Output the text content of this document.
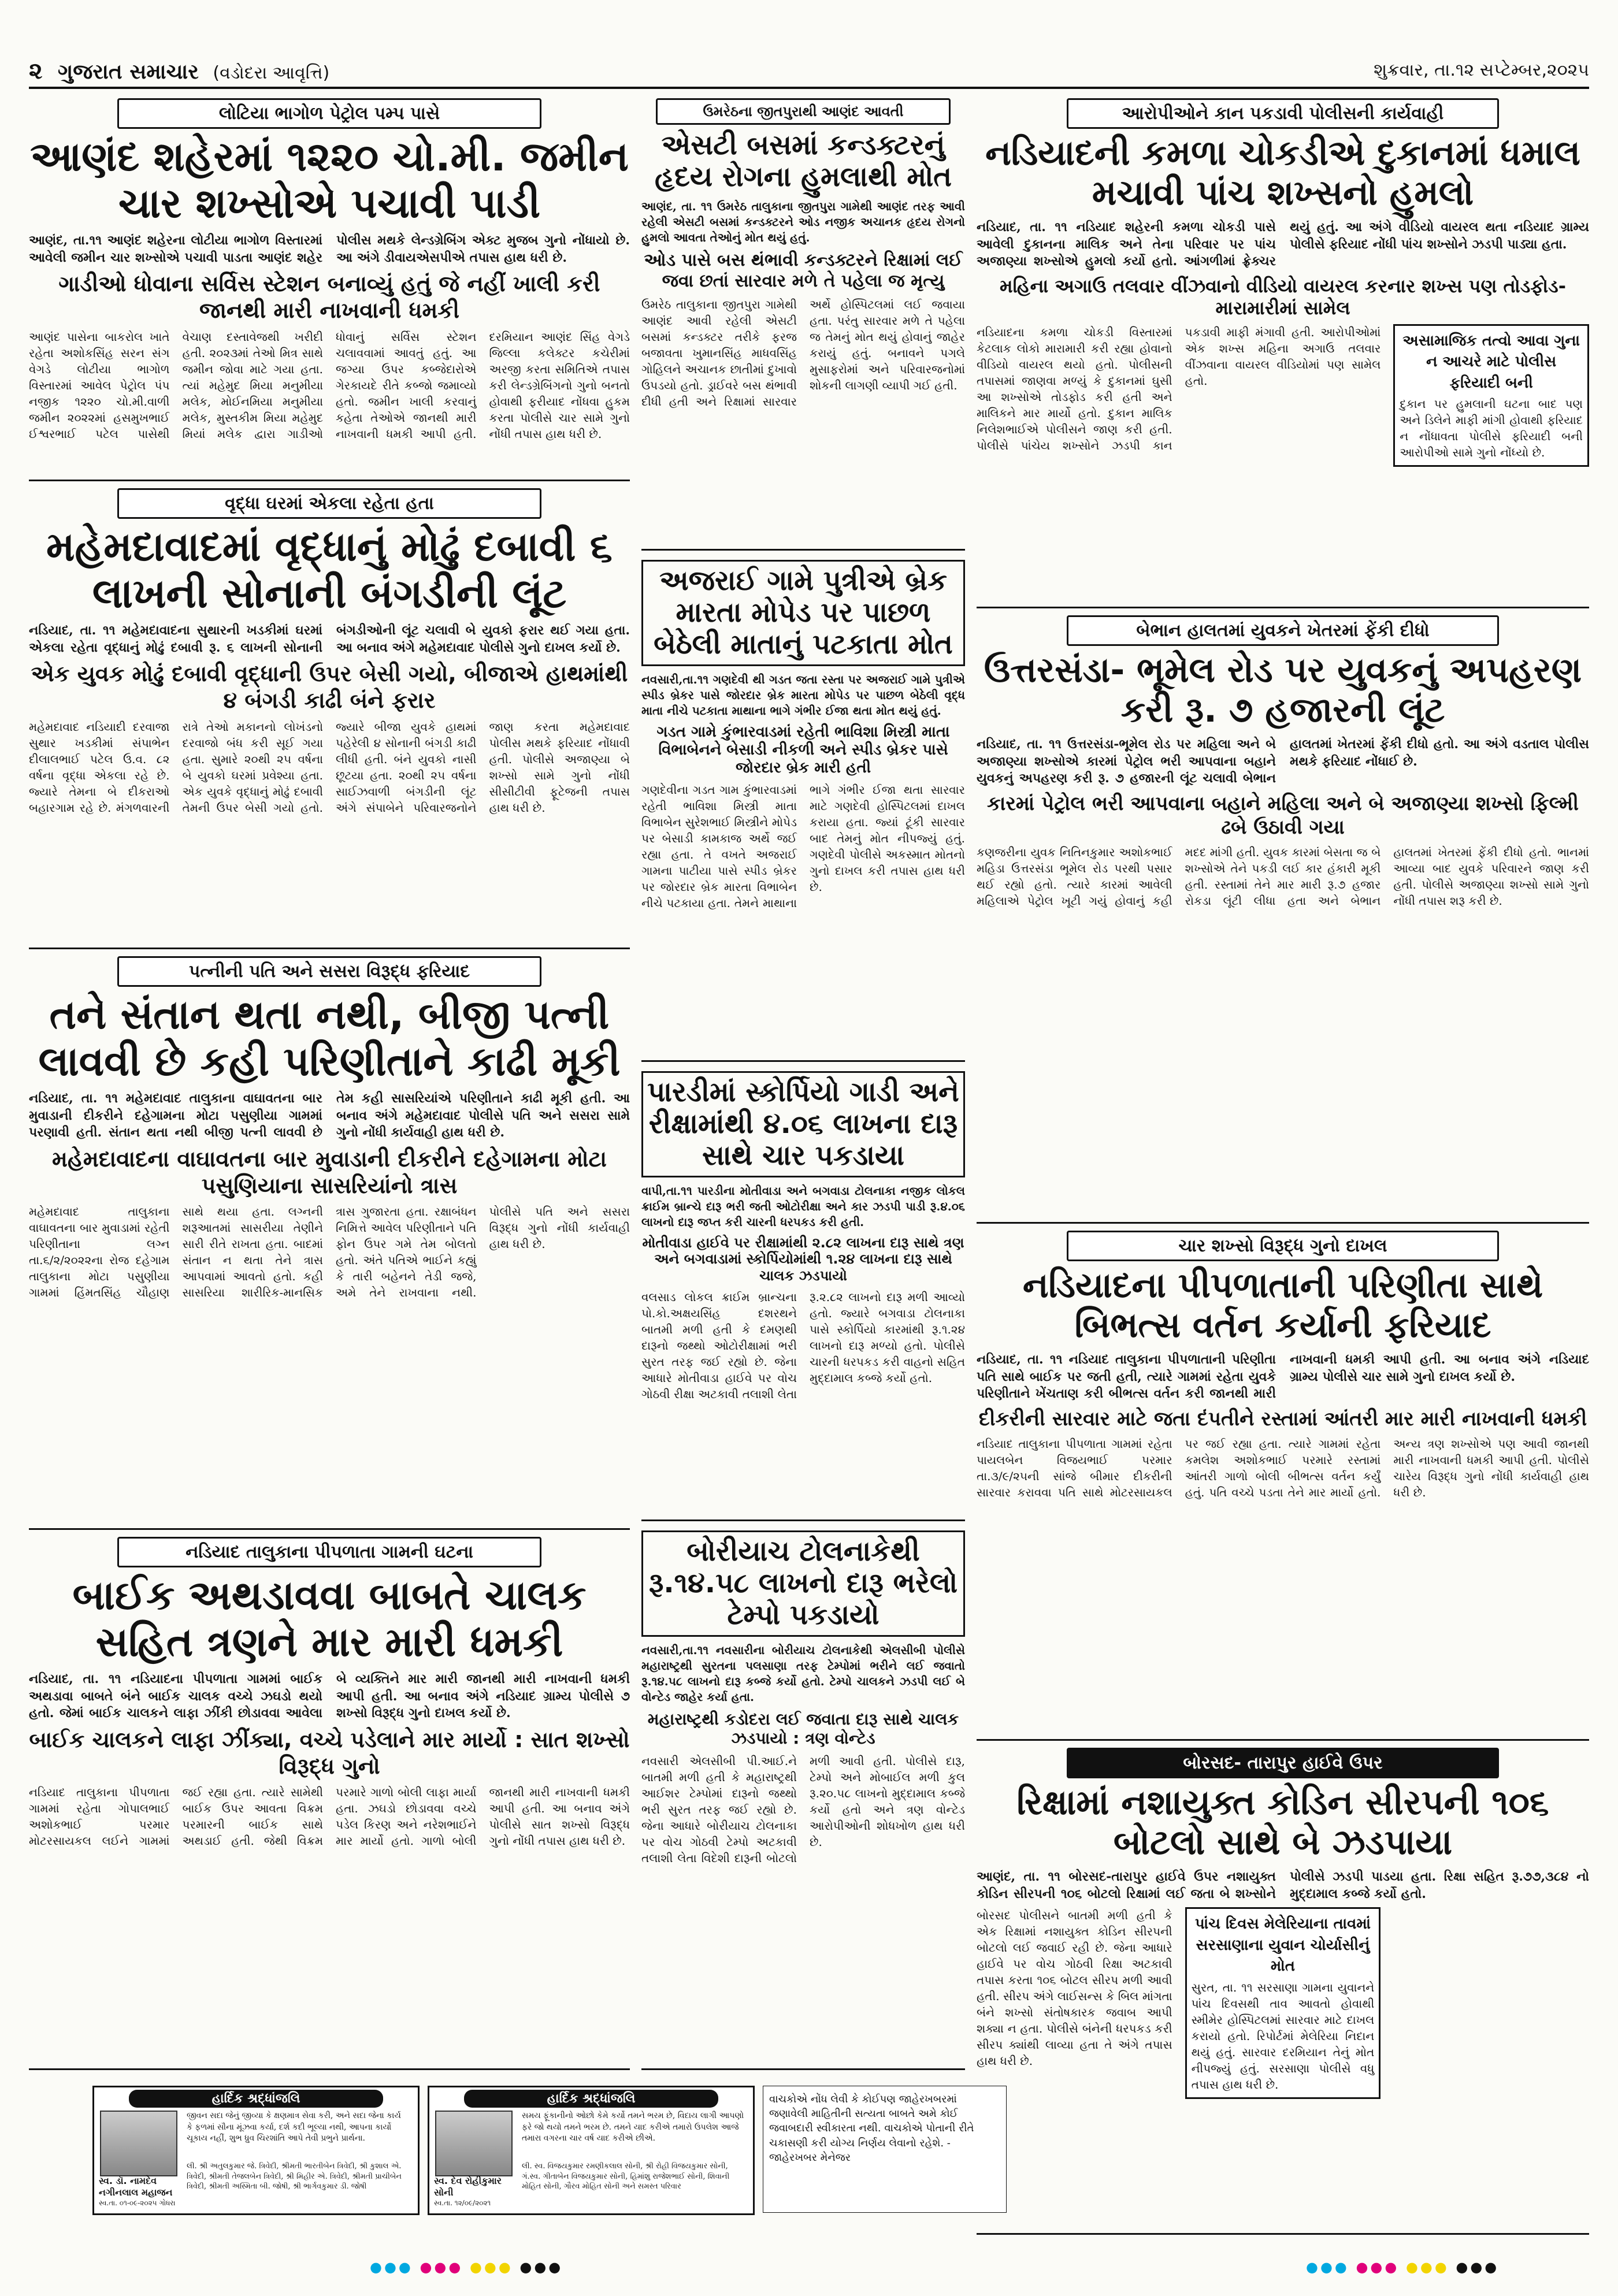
૨ ગુજરાત સમાચાર (વડોદરા આવૃત્તિ)	શુક્રવાર, તા.૧૨ સપ્ટેમ્બર,૨૦૨૫
લોટિયા ભાગોળ પેટ્રોલ પમ્પ પાસે
આણંદ શહેરમાં ૧૨૨૦ ચો.મી. જમીન ચાર શખ્સોએ પચાવી પાડી
આણંદ, તા.૧૧ આણંદ શહેરના લોટીયા ભાગોળ વિસ્તારમાં આવેલી જમીન ચાર શખ્સોએ પચાવી પાડતા આણંદ શહેર પોલીસ મથકે લેન્ડગ્રેબિંગ એક્ટ મુજબ ગુનો નોંધાયો છે. આ અંગે ડીવાયએસપીએ તપાસ હાથ ધરી છે.
ગાડીઓ ધોવાના સર્વિસ સ્ટેશન બનાવ્યું હતું જે નહીં ખાલી કરી જાનથી મારી નાખવાની ધમકી
આણંદ પાસેના બાકરોલ ખાતે રહેતા અશોકસિંહ સરન સંગ વેગડે લોટીયા ભાગોળ વિસ્તારમાં આવેલ પેટ્રોલ પંપ નજીક ૧૨૨૦ ચો.મી.વાળી જમીન ૨૦૨૨માં હસમુખભાઈ ઈશ્વરભાઈ પટેલ પાસેથી વેચાણ દસ્તાવેજથી ખરીદી હતી. ૨૦૨૩માં તેઓ મિત્ર સાથે જમીન જોવા માટે ગયા હતા. ત્યાં મહેમુદ મિયા મનુમીયા મલેક, મોઈનમિયા મનુમીયા મલેક, મુસ્તકીમ મિયા મહેમુદ મિયાં મલેક દ્વારા ગાડીઓ ધોવાનું સર્વિસ સ્ટેશન ચલાવવામાં આવતું હતું. આ જગ્યા ઉપર કબ્જેદારોએ ગેરકાયદે રીતે કબ્જો જમાવ્યો હતો. જમીન ખાલી કરવાનું કહેતા તેઓએ જાનથી મારી નાખવાની ધમકી આપી હતી. દરમિયાન આણંદ સિંહ વેગડે જિલ્લા કલેક્ટર કચેરીમાં અરજી કરતા સમિતિએ તપાસ કરી લેન્ડગ્રેબિંગનો ગુનો બનતો હોવાથી ફરીયાદ નોંધવા હુકમ કરતા પોલીસે ચાર સામે ગુનો નોંધી તપાસ હાથ ધરી છે.
વૃદ્ધા ઘરમાં એકલા રહેતા હતા
મહેમદાવાદમાં વૃદ્ધાનું મોઢું દબાવી ૬ લાખની સોનાની બંગડીની લૂંટ
નડિયાદ, તા. ૧૧ મહેમદાવાદના સુથારની ખડકીમાં ઘરમાં એકલા રહેતા વૃદ્ધાનું મોઢું દબાવી રૂ. ૬ લાખની સોનાની બંગડીઓની લૂંટ ચલાવી બે યુવકો ફરાર થઈ ગયા હતા. આ બનાવ અંગે મહેમદાવાદ પોલીસે ગુનો દાખલ કર્યો છે.
એક યુવક મોઢું દબાવી વૃદ્ધાની ઉપર બેસી ગયો, બીજાએ હાથમાંથી ૪ બંગડી કાઢી બંને ફરાર
મહેમદાવાદ નડિયાદી દરવાજા સુથાર ખડકીમાં સંપાભેન દીલાલભાઈ પટેલ ઉ.વ. ૮૨ વર્ષના વૃદ્ધા એકલા રહે છે. જ્યારે તેમના બે દીકરાઓ બહારગામ રહે છે. મંગળવારની રાત્રે તેઓ મકાનનો લોખંડનો દરવાજો બંધ કરી સૂઈ ગયા હતા. સુમારે ૨૦થી ૨૫ વર્ષના બે યુવકો ઘરમાં પ્રવેશ્યા હતા. એક યુવકે વૃદ્ધાનું મોઢું દબાવી તેમની ઉપર બેસી ગયો હતો. જ્યારે બીજા યુવકે હાથમાં પહેરેલી ૪ સોનાની બંગડી કાઢી લીધી હતી. બંને યુવકો નાસી છૂટયા હતા. ૨૦થી ૨૫ વર્ષના સાઈઝવાળી બંગડીની લૂંટ અંગે સંપાબેને પરિવારજનોને જાણ કરતા મહેમદાવાદ પોલીસ મથકે ફરિયાદ નોંધાવી હતી. પોલીસે અજાણ્યા બે શખ્સો સામે ગુનો નોંધી સીસીટીવી ફૂટેજની તપાસ હાથ ધરી છે.
પત્નીની પતિ અને સસરા વિરૂદ્ધ ફરિયાદ
તને સંતાન થતા નથી, બીજી પત્ની લાવવી છે કહી પરિણીતાને કાઢી મૂકી
નડિયાદ, તા. ૧૧ મહેમદાવાદ તાલુકાના વાઘાવતના બાર મુવાડાની દીકરીને દહેગામના મોટા પસુણીયા ગામમાં પરણાવી હતી. સંતાન થતા નથી બીજી પત્ની લાવવી છે તેમ કહી સાસરિયાંએ પરિણીતાને કાઢી મૂકી હતી. આ બનાવ અંગે મહેમદાવાદ પોલીસે પતિ અને સસરા સામે ગુનો નોંધી કાર્યવાહી હાથ ધરી છે.
મહેમદાવાદના વાઘાવતના બાર મુવાડાની દીકરીને દહેગામના મોટા પસુણિયાના સાસરિયાંનો ત્રાસ
મહેમદાવાદ તાલુકાના વાઘાવતના બાર મુવાડામાં રહેતી પરિણીતાના લગ્ન તા.૬/૨/૨૦૨૨ના રોજ દહેગામ તાલુકાના મોટા પસુણીયા ગામમાં હિંમતસિંહ ચૌહાણ સાથે થયા હતા. લગ્નની શરૂઆતમાં સાસરીયા તેણીને સારી રીતે રાખતા હતા. બાદમાં સંતાન ન થતા તેને ત્રાસ આપવામાં આવતો હતો. કહી સાસરિયા શારીરિક-માનસિક ત્રાસ ગુજારતા હતા. રક્ષાબંધન નિમિત્તે આવેલ પરિણીતાને પતિ ફોન ઉપર ગમે તેમ બોલતો હતો. અંતે પતિએ ભાઈને કહ્યું કે તારી બહેનને તેડી જજે, અમે તેને રાખવાના નથી. પોલીસે પતિ અને સસરા વિરૂદ્ધ ગુનો નોંધી કાર્યવાહી હાથ ધરી છે.
નડિયાદ તાલુકાના પીપળાતા ગામની ઘટના
બાઈક અથડાવવા બાબતે ચાલક સહિત ત્રણને માર મારી ધમકી
નડિયાદ, તા. ૧૧ નડિયાદના પીપળાતા ગામમાં બાઈક અથડાવા બાબતે બંને બાઈક ચાલક વચ્ચે ઝઘડો થયો હતો. જેમાં બાઈક ચાલકને લાફા ઝીંકી છોડાવવા આવેલા બે વ્યક્તિને માર મારી જાનથી મારી નાખવાની ધમકી આપી હતી. આ બનાવ અંગે નડિયાદ ગ્રામ્ય પોલીસે ૭ શખ્સો વિરૂદ્ધ ગુનો દાખલ કર્યો છે.
બાઈક ચાલકને લાફા ઝીંક્યા, વચ્ચે પડેલાને માર માર્યો : સાત શખ્સો વિરૂદ્ધ ગુનો
નડિયાદ તાલુકાના પીપળાતા ગામમાં રહેતા ગોપાલભાઈ અશોકભાઈ પરમાર મોટરસાયકલ લઈને ગામમાં જઈ રહ્યા હતા. ત્યારે સામેથી બાઈક ઉપર આવતા વિક્રમ પરમારની બાઈક સાથે અથડાઈ હતી. જેથી વિક્રમ પરમારે ગાળો બોલી લાફા માર્યા હતા. ઝઘડો છોડાવવા વચ્ચે પડેલ કિરણ અને નરેશભાઈને માર માર્યો હતો. ગાળો બોલી જાનથી મારી નાખવાની ધમકી આપી હતી. આ બનાવ અંગે પોલીસે સાત શખ્સો વિરૂદ્ધ ગુનો નોંધી તપાસ હાથ ધરી છે.
ઉમરેઠના જીતપુરાથી આણંદ આવતી
એસટી બસમાં કન્ડક્ટરનું હૃદય રોગના હુમલાથી મોત
આણંદ, તા. ૧૧ ઉમરેઠ તાલુકાના જીતપુરા ગામેથી આણંદ તરફ આવી રહેલી એસટી બસમાં કન્ડક્ટરને ઓડ નજીક અચાનક હૃદય રોગનો હુમલો આવતા તેઓનું મોત થયું હતું.
ઓડ પાસે બસ થંભાવી કન્ડક્ટરને રિક્ષામાં લઈ જવા છતાં સારવાર મળે તે પહેલા જ મૃત્યુ
ઉમરેઠ તાલુકાના જીતપુરા ગામેથી આણંદ આવી રહેલી એસટી બસમાં કન્ડક્ટર તરીકે ફરજ બજાવતા ખુમાનસિંહ માધવસિંહ ગોહિલને અચાનક છાતીમાં દુખાવો ઉપડયો હતો. ડ્રાઈવરે બસ થંભાવી દીધી હતી અને રિક્ષામાં સારવાર અર્થે હોસ્પિટલમાં લઈ જવાયા હતા. પરંતુ સારવાર મળે તે પહેલા જ તેમનું મોત થયું હોવાનું જાહેર કરાયું હતું. બનાવને પગલે મુસાફરોમાં અને પરિવારજનોમાં શોકની લાગણી વ્યાપી ગઈ હતી.
અજરાઈ ગામે પુત્રીએ બ્રેક મારતા મોપેડ પર પાછળ બેઠેલી માતાનું પટકાતા મોત
નવસારી,તા.૧૧ ગણદેવી થી ગડત જતા રસ્તા પર અજરાઈ ગામે પુત્રીએ સ્પીડ બ્રેકર પાસે જોરદાર બ્રેક મારતા મોપેડ પર પાછળ બેઠેલી વૃદ્ધ માતા નીચે પટકાતા માથાના ભાગે ગંભીર ઈજા થતા મોત થયું હતું.
ગડત ગામે કુંભારવાડમાં રહેતી ભાવિશા મિસ્ત્રી માતા વિભાબેનને બેસાડી નીકળી અને સ્પીડ બ્રેકર પાસે જોરદાર બ્રેક મારી હતી
ગણદેવીના ગડત ગામ કુંભારવાડમાં રહેતી ભાવિશા મિસ્ત્રી માતા વિભાબેન સુરેશભાઈ મિસ્ત્રીને મોપેડ પર બેસાડી કામકાજ અર્થે જઈ રહ્યા હતા. તે વખતે અજરાઈ ગામના પાટીયા પાસે સ્પીડ બ્રેકર પર જોરદાર બ્રેક મારતા વિભાબેન નીચે પટકાયા હતા. તેમને માથાના ભાગે ગંભીર ઈજા થતા સારવાર માટે ગણદેવી હોસ્પિટલમાં દાખલ કરાયા હતા. જ્યાં ટૂંકી સારવાર બાદ તેમનું મોત નીપજ્યું હતું. ગણદેવી પોલીસે અકસ્માત મોતનો ગુનો દાખલ કરી તપાસ હાથ ધરી છે.
પારડીમાં સ્કોર્પિયો ગાડી અને રીક્ષામાંથી ૪.૦૬ લાખના દારૂ સાથે ચાર પકડાયા
વાપી,તા.૧૧ પારડીના મોતીવાડા અને બગવાડા ટોલનાકા નજીક લોકલ ક્રાઈમ બ્રાન્ચે દારૂ ભરી જતી ઓટોરીક્ષા અને કાર ઝડપી પાડી રૂ.૪.૦૬ લાખનો દારૂ જપ્ત કરી ચારની ધરપકડ કરી હતી.
મોતીવાડા હાઈવે પર રીક્ષામાંથી ૨.૮૨ લાખના દારૂ સાથે ત્રણ અને બગવાડામાં સ્કોર્પિયોમાંથી ૧.૨૪ લાખના દારૂ સાથે ચાલક ઝડપાયો
વલસાડ લોકલ ક્રાઈમ બ્રાન્ચના પો.કો.અક્ષયસિંહ દશરથને બાતમી મળી હતી કે દમણથી દારૂનો જથ્થો ઓટોરીક્ષામાં ભરી સુરત તરફ જઈ રહ્યો છે. જેના આધારે મોતીવાડા હાઈવે પર વોચ ગોઠવી રીક્ષા અટકાવી તલાશી લેતા રૂ.૨.૮૨ લાખનો દારૂ મળી આવ્યો હતો. જ્યારે બગવાડા ટોલનાકા પાસે સ્કોર્પિયો કારમાંથી રૂ.૧.૨૪ લાખનો દારૂ મળ્યો હતો. પોલીસે ચારની ધરપકડ કરી વાહનો સહિત મુદ્દામાલ કબ્જે કર્યો હતો.
બોરીયાચ ટોલનાકેથી રૂ.૧૪.૫૮ લાખનો દારૂ ભરેલો ટેમ્પો પકડાયો
નવસારી,તા.૧૧ નવસારીના બોરીયાચ ટોલનાકેથી એલસીબી પોલીસે મહારાષ્ટ્રથી સુરતના પલસાણા તરફ ટેમ્પોમાં ભરીને લઈ જવાતો રૂ.૧૪.૫૮ લાખનો દારૂ કબ્જે કર્યો હતો. ટેમ્પો ચાલકને ઝડપી લઈ બે વોન્ટેડ જાહેર કર્યા હતા.
મહારાષ્ટ્રથી કડોદરા લઈ જવાતા દારૂ સાથે ચાલક ઝડપાયો : ત્રણ વોન્ટેડ
નવસારી એલસીબી પી.આઈ.ને બાતમી મળી હતી કે મહારાષ્ટ્રથી આઈશર ટેમ્પોમાં દારૂનો જથ્થો ભરી સુરત તરફ જઈ રહ્યો છે. જેના આધારે બોરીયાચ ટોલનાકા પર વોચ ગોઠવી ટેમ્પો અટકાવી તલાશી લેતા વિદેશી દારૂની બોટલો મળી આવી હતી. પોલીસે દારૂ, ટેમ્પો અને મોબાઈલ મળી કુલ રૂ.૨૦.૫૮ લાખનો મુદ્દામાલ કબ્જે કર્યો હતો અને ત્રણ વોન્ટેડ આરોપીઓની શોધખોળ હાથ ધરી છે.
આરોપીઓને કાન પકડાવી પોલીસની કાર્યવાહી
નડિયાદની કમળા ચોકડીએ દુકાનમાં ધમાલ મચાવી પાંચ શખ્સનો હુમલો
નડિયાદ, તા. ૧૧ નડિયાદ શહેરની કમળા ચોકડી પાસે આવેલી દુકાનના માલિક અને તેના પરિવાર પર પાંચ અજાણ્યા શખ્સોએ હુમલો કર્યો હતો. આંગળીમાં ફ્રેક્ચર થયું હતું. આ અંગે વીડિયો વાયરલ થતા નડિયાદ ગ્રામ્ય પોલીસે ફરિયાદ નોંધી પાંચ શખ્સોને ઝડપી પાડ્યા હતા.
મહિના અગાઉ તલવાર વીંઝવાનો વીડિયો વાયરલ કરનાર શખ્સ પણ તોડફોડ- મારામારીમાં સામેલ
નડિયાદના કમળા ચોકડી વિસ્તારમાં કેટલાક લોકો મારામારી કરી રહ્યા હોવાનો વીડિયો વાયરલ થયો હતો. પોલીસની તપાસમાં જાણવા મળ્યું કે દુકાનમાં ઘુસી આ શખ્સોએ તોડફોડ કરી હતી અને માલિકને માર માર્યો હતો. દુકાન માલિક નિલેશભાઈએ પોલીસને જાણ કરી હતી. પોલીસે પાંચેય શખ્સોને ઝડપી કાન પકડાવી માફી મંગાવી હતી. આરોપીઓમાં એક શખ્સ મહિના અગાઉ તલવાર વીંઝવાના વાયરલ વીડિયોમાં પણ સામેલ હતો.
અસામાજિક તત્વો આવા ગુના ન આચરે માટે પોલીસ ફરિયાદી બની
દુકાન પર હુમલાની ઘટના બાદ પણ અને ડિલેને માફી માંગી હોવાથી ફરિયાદ ન નોંધાવતા પોલીસે ફરિયાદી બની આરોપીઓ સામે ગુનો નોંધ્યો છે.
બેભાન હાલતમાં યુવકને ખેતરમાં ફેંકી દીધો
ઉત્તરસંડા- ભૂમેલ રોડ પર યુવકનું અપહરણ કરી રૂ. ૭ હજારની લૂંટ
નડિયાદ, તા. ૧૧ ઉત્તરસંડા-ભૂમેલ રોડ પર મહિલા અને બે અજાણ્યા શખ્સોએ કારમાં પેટ્રોલ ભરી આપવાના બહાને યુવકનું અપહરણ કરી રૂ. ૭ હજારની લૂંટ ચલાવી બેભાન હાલતમાં ખેતરમાં ફેંકી દીધો હતો. આ અંગે વડતાલ પોલીસ મથકે ફરિયાદ નોંધાઈ છે.
કારમાં પેટ્રોલ ભરી આપવાના બહાને મહિલા અને બે અજાણ્યા શખ્સો ફિલ્મી ઢબે ઉઠાવી ગયા
કણજરીના યુવક નિતિનકુમાર અશોકભાઈ મહિડા ઉત્તરસંડા ભૂમેલ રોડ પરથી પસાર થઈ રહ્યો હતો. ત્યારે કારમાં આવેલી મહિલાએ પેટ્રોલ ખૂટી ગયું હોવાનું કહી મદદ માંગી હતી. યુવક કારમાં બેસતા જ બે શખ્સોએ તેને પકડી લઈ કાર હંકારી મૂકી હતી. રસ્તામાં તેને માર મારી રૂ.૭ હજાર રોકડા લૂંટી લીધા હતા અને બેભાન હાલતમાં ખેતરમાં ફેંકી દીધો હતો. ભાનમાં આવ્યા બાદ યુવકે પરિવારને જાણ કરી હતી. પોલીસે અજાણ્યા શખ્સો સામે ગુનો નોંધી તપાસ શરૂ કરી છે.
ચાર શખ્સો વિરૂદ્ધ ગુનો દાખલ
નડિયાદના પીપળાતાની પરિણીતા સાથે બિભત્સ વર્તન કર્યાની ફરિયાદ
નડિયાદ, તા. ૧૧ નડિયાદ તાલુકાના પીપળાતાની પરિણીતા પતિ સાથે બાઈક પર જતી હતી, ત્યારે ગામમાં રહેતા યુવકે પરિણીતાને ખેંચતાણ કરી બીભત્સ વર્તન કરી જાનથી મારી નાખવાની ધમકી આપી હતી. આ બનાવ અંગે નડિયાદ ગ્રામ્ય પોલીસે ચાર સામે ગુનો દાખલ કર્યો છે.
દીકરીની સારવાર માટે જતા દંપતીને રસ્તામાં આંતરી માર મારી નાખવાની ધમકી
નડિયાદ તાલુકાના પીપળાતા ગામમાં રહેતા પાયલબેન વિજયભાઈ પરમાર તા.૩/૯/૨૫ની સાંજે બીમાર દીકરીની સારવાર કરાવવા પતિ સાથે મોટરસાયકલ પર જઈ રહ્યા હતા. ત્યારે ગામમાં રહેતા કમલેશ અશોકભાઈ પરમારે રસ્તામાં આંતરી ગાળો બોલી બીભત્સ વર્તન કર્યું હતું. પતિ વચ્ચે પડતા તેને માર માર્યો હતો. અન્ય ત્રણ શખ્સોએ પણ આવી જાનથી મારી નાખવાની ધમકી આપી હતી. પોલીસે ચારેય વિરૂદ્ધ ગુનો નોંધી કાર્યવાહી હાથ ધરી છે.
બોરસદ- તારાપુર હાઈવે ઉપર
રિક્ષામાં નશાયુક્ત કોડિન સીરપની ૧૦૬ બોટલો સાથે બે ઝડપાયા
આણંદ, તા. ૧૧ બોરસદ-તારાપુર હાઈવે ઉપર નશાયુક્ત કોડિન સીરપની ૧૦૬ બોટલો રિક્ષામાં લઈ જતા બે શખ્સોને પોલીસે ઝડપી પાડયા હતા. રિક્ષા સહિત રૂ.૭૭,૩૮૪ નો મુદ્દામાલ કબ્જે કર્યો હતો.
બોરસદ પોલીસને બાતમી મળી હતી કે એક રિક્ષામાં નશાયુક્ત કોડિન સીરપની બોટલો લઈ જવાઈ રહી છે. જેના આધારે હાઈવે પર વોચ ગોઠવી રિક્ષા અટકાવી તપાસ કરતા ૧૦૬ બોટલ સીરપ મળી આવી હતી. સીરપ અંગે લાઈસન્સ કે બિલ માંગતા બંને શખ્સો સંતોષકારક જવાબ આપી શક્યા ન હતા. પોલીસે બંનેની ધરપકડ કરી સીરપ ક્યાંથી લાવ્યા હતા તે અંગે તપાસ હાથ ધરી છે.
પાંચ દિવસ મેલેરિયાના તાવમાં સરસાણાના યુવાન ચોર્યાસીનું મોત
સુરત, તા. ૧૧ સરસાણા ગામના યુવાનને પાંચ દિવસથી તાવ આવતો હોવાથી સ્મીમેર હોસ્પિટલમાં સારવાર માટે દાખલ કરાયો હતો. રિપોર્ટમાં મેલેરિયા નિદાન થયું હતું. સારવાર દરમિયાન તેનું મોત નીપજ્યું હતું. સરસાણા પોલીસે વધુ તપાસ હાથ ધરી છે.
હાર્દિક શ્રદ્ધાંજલિ
સ્વ. ડૉ. નામદેવ નગીનલાલ મહાજન
સ્વ.તા. ૦૧-૦૯-૨૦૨૫ ગોધરા
જીવન સદા જેનું જીવ્યા કે ક્ષણમાત્ર સેવા કરી, અને સદા જેના કાર્ય કે ફળમાં સૌના મૂંઝવા કર્યા, દર્શ કદી ભૂલ્યા નથી, આપના કાર્યો ચૂકાય નહીં, શુભ ધ્રુવ ચિરશાંતિ આપે તેવી પ્રભુને પ્રાર્થના.
લી. શ્રી અતુલકુમાર જે. ત્રિવેદી, શ્રીમતી ભારતીબેન ત્રિવેદી, શ્રી કુશાલ એ. ત્રિવેદી, શ્રીમતી તેજલબેન ત્રિવેદી, શ્રી મિહીર એ. ત્રિવેદી, શ્રીમતી પ્રાચીબેન ત્રિવેદી, શ્રીમતી અસ્મિતા બી. જોષી, શ્રી ભાર્ગવકુમાર ડી. જોષી
હાર્દિક શ્રદ્ધાંજલિ
સ્વ. દેવ રોહીકુમાર સોની
સ્વ.તા. ૧૨/૦૯/૨૦૨૧
સમય ફૂંકાનીનો ઓછો કેમે કર્યો તમને ભરમ છે, વિદાય લાગી આપણો ફરે જો થયો તમને ભરમ છે. તમને યાદ કરીએ તમારો ઉપલેશ આજે તમારા વગરના ચાર વર્ષ યાદ કરીએ છીએ.
લી. સ્વ. વિજયકુમાર રમણીકલાલ સોની, શ્રી રોહી વિજયકુમાર સોની, ગં.સ્વ. ગીતાબેન વિજયકુમાર સોની, હિમાંશુ રાજેશભાઈ સોની, શિવાની મોહિત સોની, ગૌરવ મોહિત સોની અને સમસ્ત પરિવાર
વાચકોએ નોંધ લેવી કે કોઈપણ જાહેરખબરમાં જણાવેલી માહિતીની સત્યતા બાબતે અમે કોઈ જવાબદારી સ્વીકારતા નથી. વાચકોએ પોતાની રીતે ચકાસણી કરી યોગ્ય નિર્ણય લેવાનો રહેશે. - જાહેરખબર મેનેજર
●●● ●●● ●●● ●●●	●●● ●●● ●●● ●●●
